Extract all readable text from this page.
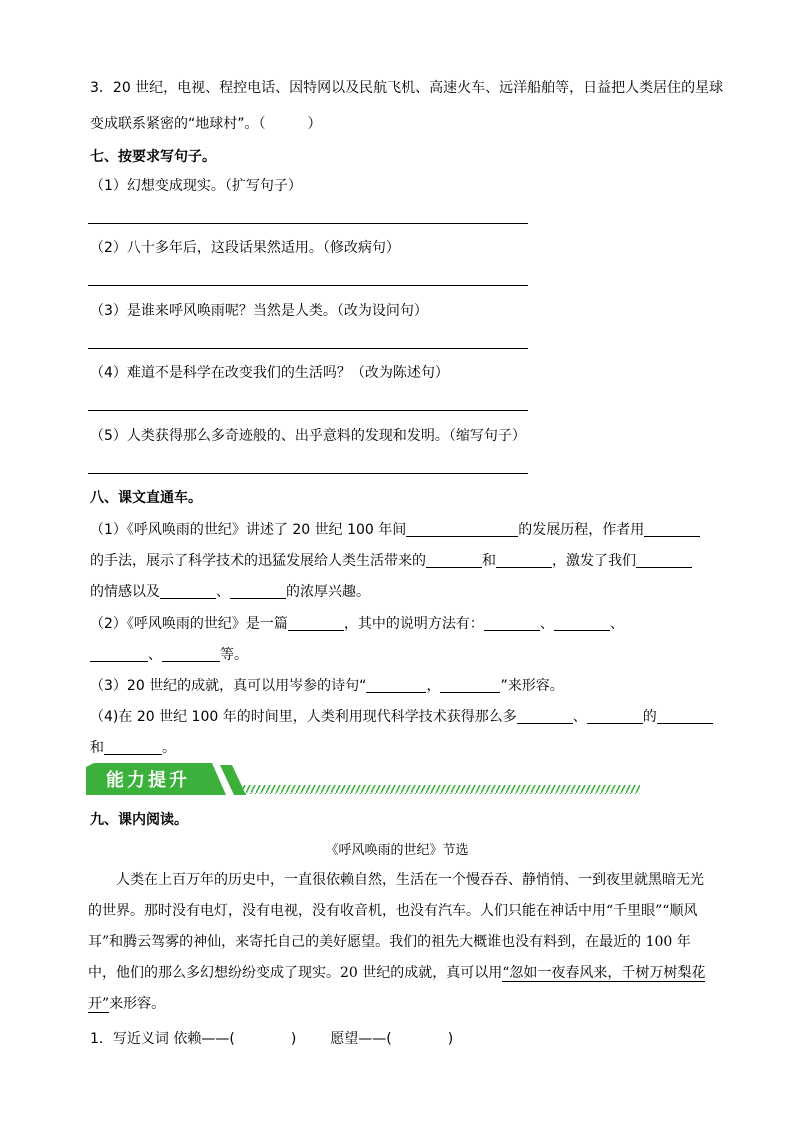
3．20 世纪，电视、程控电话、因特网以及民航飞机、高速火车、远洋船舶等，日益把人类居住的星球
变成联系紧密的“地球村”。（　　　）
七、按要求写句子。
（1）幻想变成现实。（扩写句子）
（2）八十多年后，这段话果然适用。（修改病句）
（3）是谁来呼风唤雨呢？当然是人类。（改为设问句）
（4）难道不是科学在改变我们的生活吗？（改为陈述句）
（5）人类获得那么多奇迹般的、出乎意料的发现和发明。（缩写句子）
八、课文直通车。
（1）《呼风唤雨的世纪》讲述了 20 世纪 100 年间	的发展历程，作者用
的手法，展示了科学技术的迅猛发展给人类生活带来的	和	，激发了我们
的情感以及	、	的浓厚兴趣。
（2）《呼风唤雨的世纪》是一篇	，其中的说明方法有：	、	、
、	等。
（3）20 世纪的成就，真可以用岑参的诗句“	，	”来形容。
（4)在 20 世纪 100 年的时间里，人类利用现代科学技术获得那么多	、	的
和	。
能力提升
九、课内阅读。
《呼风唤雨的世纪》节选
人类在上百万年的历史中，一直很依赖自然，生活在一个慢吞吞、静悄悄、一到夜里就黑暗无光的世界。那时没有电灯，没有电视，没有收音机，也没有汽车。人们只能在神话中用“千里眼”“顺风耳”和腾云驾雾的神仙，来寄托自己的美好愿望。我们的祖先大概谁也没有料到，在最近的 100 年中，他们的那么多幻想纷纷变成了现实。20 世纪的成就，真可以用“忽如一夜春风来，千树万树梨花开”来形容。
1．写近义词 依赖——(　　　　) 愿望——(　　　　)
